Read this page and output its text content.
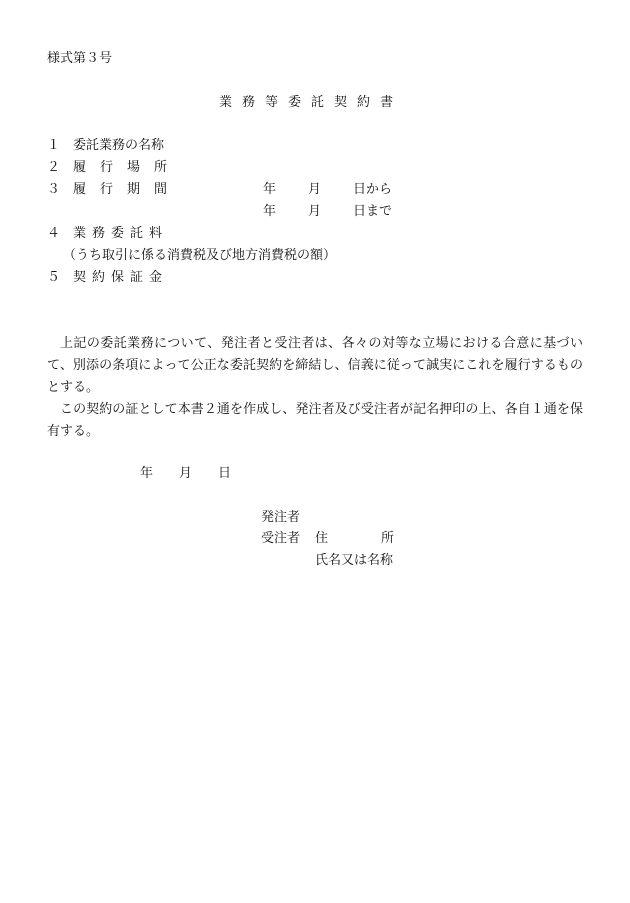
様式第３号
業務等委託契約書
１ 委託業務の名称
２ 履行場所
３ 履行期間	年 月 日から
年 月 日まで
４ 業務委託料
（うち取引に係る消費税及び地方消費税の額）
５ 契約保証金
上記の委託業務について、発注者と受注者は、各々の対等な立場における合意に基づいて、別添の条項によって公正な委託契約を締結し、信義に従って誠実にこれを履行するものとする。
この契約の証として本書２通を作成し、発注者及び受注者が記名押印の上、各自１通を保有する。
年 月 日
発注者
受注者 住	所
氏名又は名称
